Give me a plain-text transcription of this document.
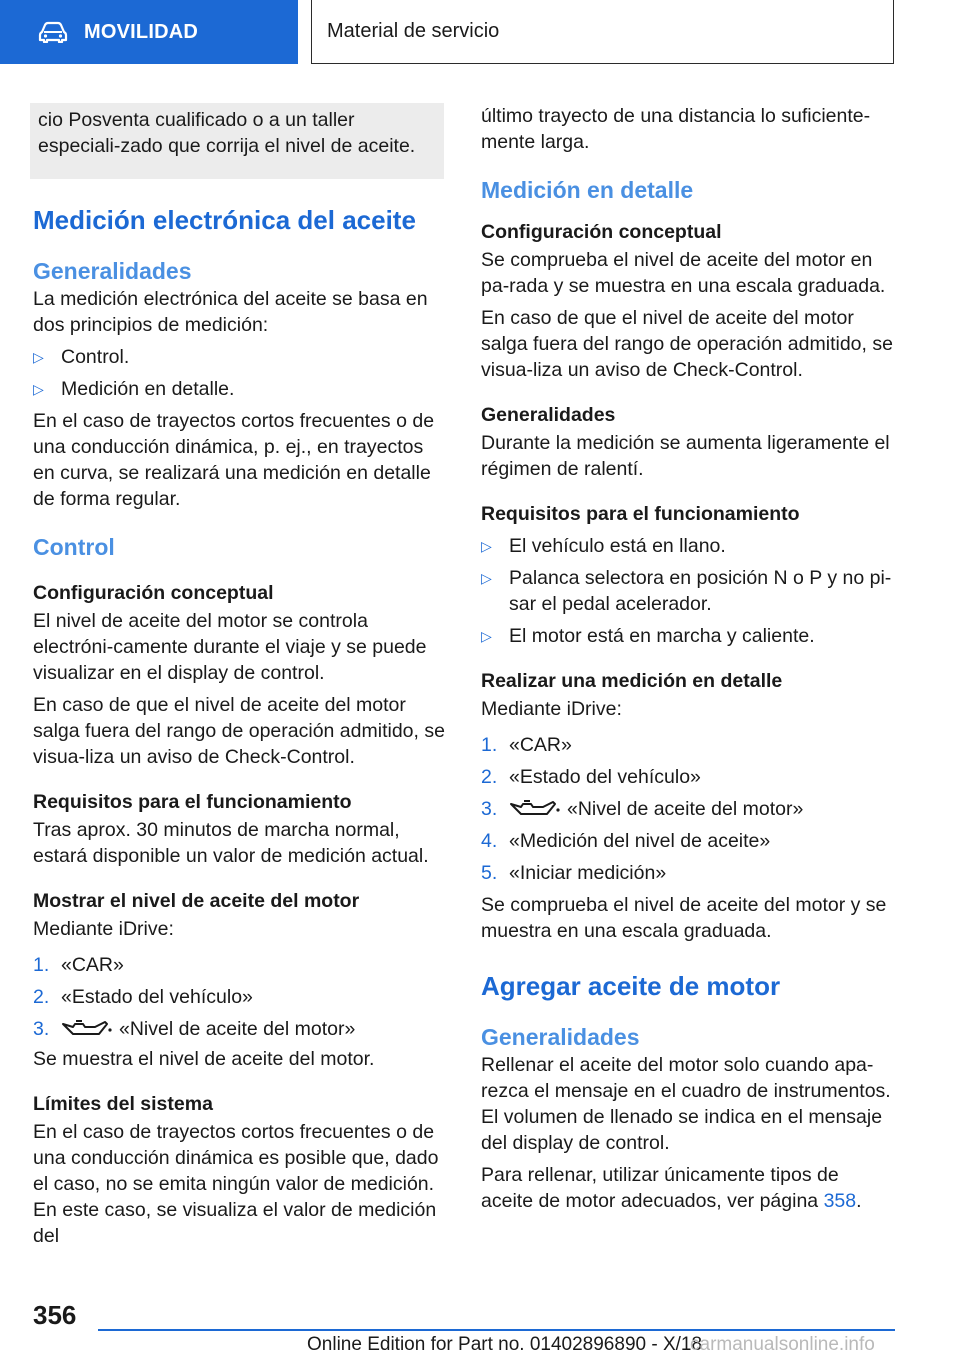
MOVILIDAD	Material de servicio

cio Posventa cualificado o a un taller especiali-zado que corrija el nivel de aceite.

Medición electrónica del aceite
Generalidades

La medición electrónica del aceite se basa en dos principios de medición:

▷ Control.
▷ Medición en detalle.

En el caso de trayectos cortos frecuentes o de una conducción dinámica, p. ej., en trayectos en curva, se realizará una medición en detalle de forma regular.

Control
Configuración conceptual

El nivel de aceite del motor se controla electróni-camente durante el viaje y se puede visualizar en el display de control.

En caso de que el nivel de aceite del motor salga fuera del rango de operación admitido, se visua-liza un aviso de Check-Control.

Requisitos para el funcionamiento

Tras aprox. 30 minutos de marcha normal, estará disponible un valor de medición actual.

Mostrar el nivel de aceite del motor

Mediante iDrive:

1. «CAR»
2. «Estado del vehículo»
3.	«Nivel de aceite del motor»

Se muestra el nivel de aceite del motor.

Límites del sistema

En el caso de trayectos cortos frecuentes o de una conducción dinámica es posible que, dado el caso, no se emita ningún valor de medición. En este caso, se visualiza el valor de medición del

último trayecto de una distancia lo suficiente-mente larga.

Medición en detalle
Configuración conceptual

Se comprueba el nivel de aceite del motor en pa-rada y se muestra en una escala graduada.

En caso de que el nivel de aceite del motor salga fuera del rango de operación admitido, se visua-liza un aviso de Check-Control.

Generalidades

Durante la medición se aumenta ligeramente el régimen de ralentí.

Requisitos para el funcionamiento
▷ El vehículo está en llano.
▷ Palanca selectora en posición N o P y no pi-sar el pedal acelerador.
▷ El motor está en marcha y caliente.
Realizar una medición en detalle

Mediante iDrive:

1. «CAR»
2. «Estado del vehículo»
3.	«Nivel de aceite del motor»
4. «Medición del nivel de aceite»
5. «Iniciar medición»

Se comprueba el nivel de aceite del motor y se muestra en una escala graduada.

Agregar aceite de motor
Generalidades

Rellenar el aceite del motor solo cuando apa-rezca el mensaje en el cuadro de instrumentos. El volumen de llenado se indica en el mensaje del display de control.

Para rellenar, utilizar únicamente tipos de aceite de motor adecuados, ver página 358.

356
Online Edition for Part no. 01402896890 - X/18
carmanualsonline.info
